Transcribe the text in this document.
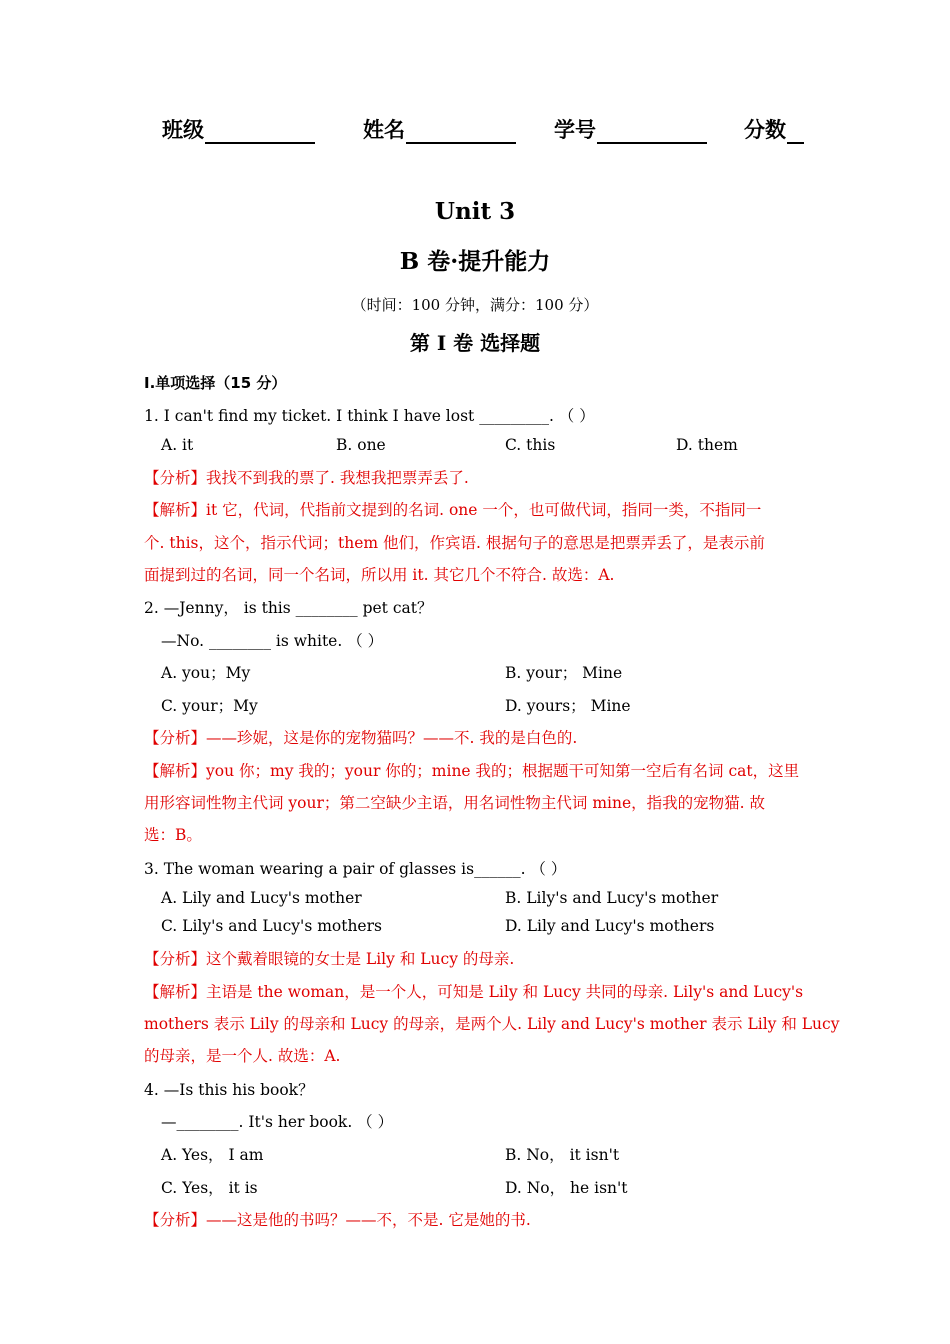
班级	姓名	学号	分数
Unit 3
B 卷·提升能力
（时间：100 分钟，满分：100 分）
第 I 卷 选择题
Ⅰ.单项选择（15 分）
1. I can't find my ticket. I think I have lost _________. （ ）
A. it	B. one	C. this	D. them
【分析】我找不到我的票了. 我想我把票弄丢了.
【解析】it 它，代词，代指前文提到的名词. one 一个，也可做代词，指同一类，不指同一
个. this，这个，指示代词；them 他们，作宾语. 根据句子的意思是把票弄丢了，是表示前
面提到过的名词，同一个名词，所以用 it. 其它几个不符合. 故选：A.
2. —Jenny， is this ________ pet cat？
—No. ________ is white. （ ）
A. you；My	B. your； Mine
C. your；My	D. yours； Mine
【分析】——珍妮，这是你的宠物猫吗？——不. 我的是白色的.
【解析】you 你；my 我的；your 你的；mine 我的；根据题干可知第一空后有名词 cat，这里
用形容词性物主代词 your；第二空缺少主语，用名词性物主代词 mine，指我的宠物猫. 故
选：B。
3. The woman wearing a pair of glasses is______. （ ）
A. Lily and Lucy's mother	B. Lily's and Lucy's mother
C. Lily's and Lucy's mothers	D. Lily and Lucy's mothers
【分析】这个戴着眼镜的女士是 Lily 和 Lucy 的母亲.
【解析】主语是 the woman，是一个人，可知是 Lily 和 Lucy 共同的母亲. Lily's and Lucy's
mothers 表示 Lily 的母亲和 Lucy 的母亲，是两个人. Lily and Lucy's mother 表示 Lily 和 Lucy
的母亲，是一个人. 故选：A.
4. —Is this his book？
—________. It's her book. （ ）
A. Yes， I am	B. No， it isn't
C. Yes， it is	D. No， he isn't
【分析】——这是他的书吗？——不，不是. 它是她的书.
